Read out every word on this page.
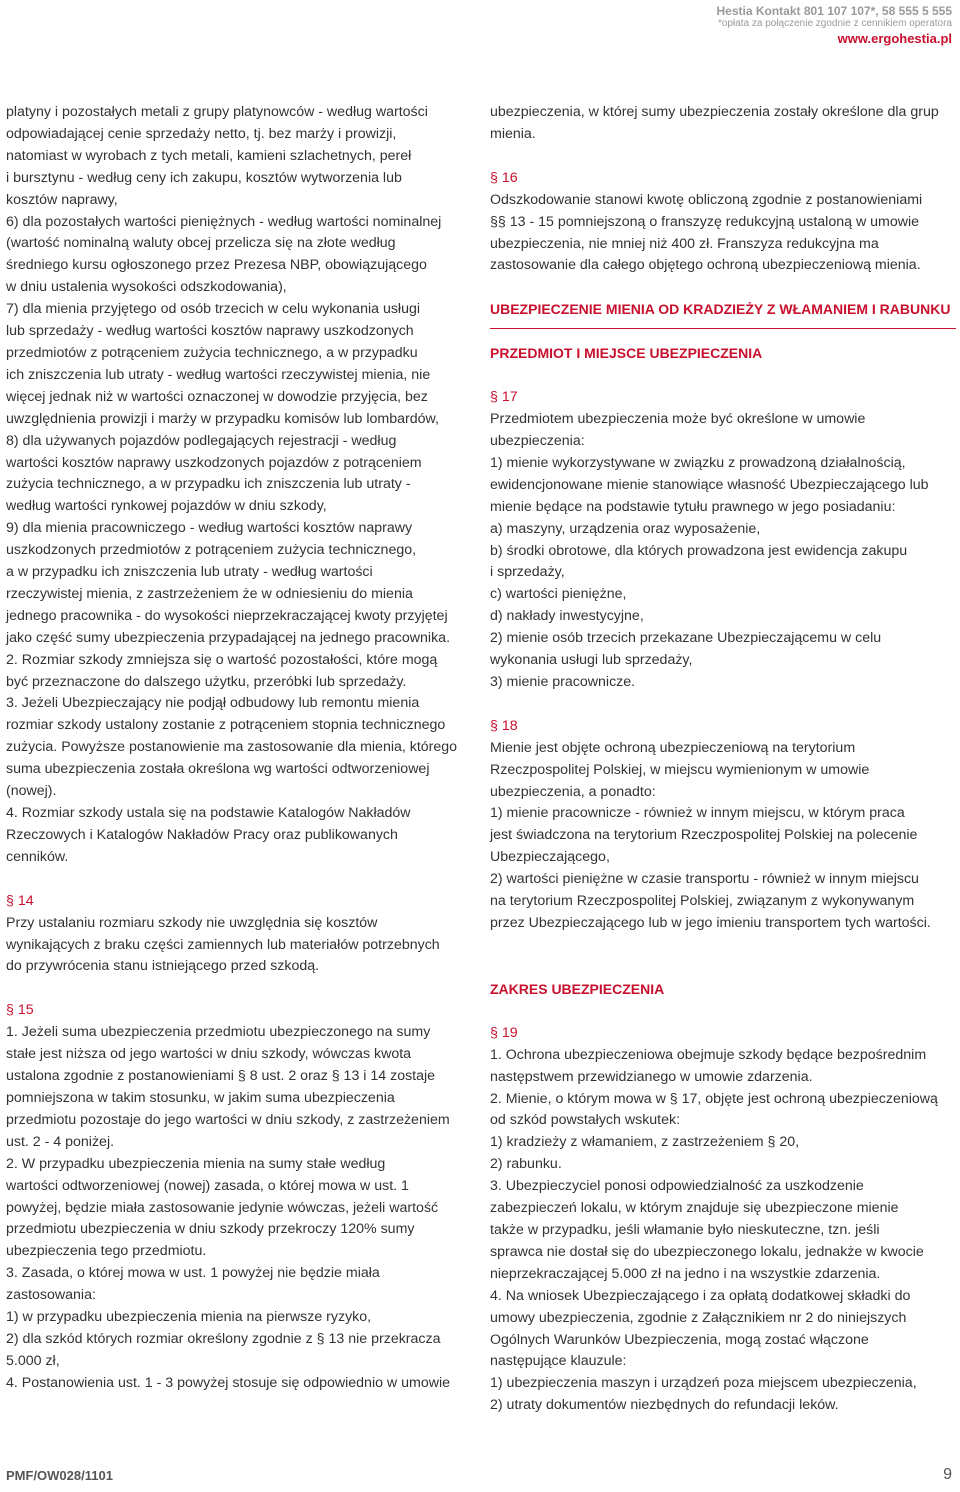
Hestia Kontakt 801 107 107*, 58 555 5 555
*opłata za połączenie zgodnie z cennikiem operatora
www.ergohestia.pl

platyny i pozostałych metali z grupy platynowców - według wartości

odpowiadającej cenie sprzedaży netto, tj. bez marży i prowizji,

natomiast w wyrobach z tych metali, kamieni szlachetnych, pereł

i bursztynu - według ceny ich zakupu, kosztów wytworzenia lub

kosztów naprawy,

6) dla pozostałych wartości pieniężnych - według wartości nominalnej

(wartość nominalną waluty obcej przelicza się na złote według

średniego kursu ogłoszonego przez Prezesa NBP, obowiązującego

w dniu ustalenia wysokości odszkodowania),

7) dla mienia przyjętego od osób trzecich w celu wykonania usługi

lub sprzedaży - według wartości kosztów naprawy uszkodzonych

przedmiotów z potrąceniem zużycia technicznego, a w przypadku

ich zniszczenia lub utraty - według wartości rzeczywistej mienia, nie

więcej jednak niż w wartości oznaczonej w dowodzie przyjęcia, bez

uwzględnienia prowizji i marży w przypadku komisów lub lombardów,

8) dla używanych pojazdów podlegających rejestracji - według

wartości kosztów naprawy uszkodzonych pojazdów z potrąceniem

zużycia technicznego, a w przypadku ich zniszczenia lub utraty -

według wartości rynkowej pojazdów w dniu szkody,

9) dla mienia pracowniczego - według wartości kosztów naprawy

uszkodzonych przedmiotów z potrąceniem zużycia technicznego,

a w przypadku ich zniszczenia lub utraty - według wartości

rzeczywistej mienia, z zastrzeżeniem że w odniesieniu do mienia

jednego pracownika - do wysokości nieprzekraczającej kwoty przyjętej

jako część sumy ubezpieczenia przypadającej na jednego pracownika.

2. Rozmiar szkody zmniejsza się o wartość pozostałości, które mogą

być przeznaczone do dalszego użytku, przeróbki lub sprzedaży.

3. Jeżeli Ubezpieczający nie podjął odbudowy lub remontu mienia

rozmiar szkody ustalony zostanie z potrąceniem stopnia technicznego

zużycia. Powyższe postanowienie ma zastosowanie dla mienia, którego

suma ubezpieczenia została określona wg wartości odtworzeniowej

(nowej).

4. Rozmiar szkody ustala się na podstawie Katalogów Nakładów

Rzeczowych i Katalogów Nakładów Pracy oraz publikowanych

cenników.

§ 14

Przy ustalaniu rozmiaru szkody nie uwzględnia się kosztów

wynikających z braku części zamiennych lub materiałów potrzebnych

do przywrócenia stanu istniejącego przed szkodą.

§ 15

1. Jeżeli suma ubezpieczenia przedmiotu ubezpieczonego na sumy

stałe jest niższa od jego wartości w dniu szkody, wówczas kwota

ustalona zgodnie z postanowieniami § 8 ust. 2 oraz § 13 i 14 zostaje

pomniejszona w takim stosunku, w jakim suma ubezpieczenia

przedmiotu pozostaje do jego wartości w dniu szkody, z zastrzeżeniem

ust. 2 - 4 poniżej.

2. W przypadku ubezpieczenia mienia na sumy stałe według

wartości odtworzeniowej (nowej) zasada, o której mowa w ust. 1

powyżej, będzie miała zastosowanie jedynie wówczas, jeżeli wartość

przedmiotu ubezpieczenia w dniu szkody przekroczy 120% sumy

ubezpieczenia tego przedmiotu.

3. Zasada, o której mowa w ust. 1 powyżej nie będzie miała

zastosowania:

1) w przypadku ubezpieczenia mienia na pierwsze ryzyko,

2) dla szkód których rozmiar określony zgodnie z § 13 nie przekracza

5.000 zł,

4. Postanowienia ust. 1 - 3 powyżej stosuje się odpowiednio w umowie

ubezpieczenia, w której sumy ubezpieczenia zostały określone dla grup

mienia.

§ 16

Odszkodowanie stanowi kwotę obliczoną zgodnie z postanowieniami

§§ 13 - 15 pomniejszoną o franszyzę redukcyjną ustaloną w umowie

ubezpieczenia, nie mniej niż 400 zł. Franszyza redukcyjna ma

zastosowanie dla całego objętego ochroną ubezpieczeniową mienia.

UBEZPIECZENIE MIENIA OD KRADZIEŻY Z WŁAMANIEM I RABUNKU

PRZEDMIOT I MIEJSCE UBEZPIECZENIA

§ 17

Przedmiotem ubezpieczenia może być określone w umowie ubezpieczenia:

1) mienie wykorzystywane w związku z prowadzoną działalnością,

ewidencjonowane mienie stanowiące własność Ubezpieczającego lub

mienie będące na podstawie tytułu prawnego w jego posiadaniu:

a) maszyny, urządzenia oraz wyposażenie,

b) środki obrotowe, dla których prowadzona jest ewidencja zakupu

i sprzedaży,

c) wartości pieniężne,

d) nakłady inwestycyjne,

2) mienie osób trzecich przekazane Ubezpieczającemu w celu

wykonania usługi lub sprzedaży,

3) mienie pracownicze.

§ 18

Mienie jest objęte ochroną ubezpieczeniową na terytorium

Rzeczpospolitej Polskiej, w miejscu wymienionym w umowie

ubezpieczenia, a ponadto:

1) mienie pracownicze - również w innym miejscu, w którym praca

jest świadczona na terytorium Rzeczpospolitej Polskiej na polecenie

Ubezpieczającego,

2) wartości pieniężne w czasie transportu - również w innym miejscu

na terytorium Rzeczpospolitej Polskiej, związanym z wykonywanym

przez Ubezpieczającego lub w jego imieniu transportem tych wartości.

ZAKRES UBEZPIECZENIA

§ 19

1. Ochrona ubezpieczeniowa obejmuje szkody będące bezpośrednim

następstwem przewidzianego w umowie zdarzenia.

2. Mienie, o którym mowa w § 17, objęte jest ochroną ubezpieczeniową

od szkód powstałych wskutek:

1) kradzieży z włamaniem, z zastrzeżeniem § 20,

2) rabunku.

3. Ubezpieczyciel ponosi odpowiedzialność za uszkodzenie

zabezpieczeń lokalu, w którym znajduje się ubezpieczone mienie

także w przypadku, jeśli włamanie było nieskuteczne, tzn. jeśli

sprawca nie dostał się do ubezpieczonego lokalu, jednakże w kwocie

nieprzekraczającej 5.000 zł na jedno i na wszystkie zdarzenia.

4. Na wniosek Ubezpieczającego i za opłatą dodatkowej składki do

umowy ubezpieczenia, zgodnie z Załącznikiem nr 2 do niniejszych

Ogólnych Warunków Ubezpieczenia, mogą zostać włączone

następujące klauzule:

1) ubezpieczenia maszyn i urządzeń poza miejscem ubezpieczenia,

2) utraty dokumentów niezbędnych do refundacji leków.

PMF/OW028/1101	9
